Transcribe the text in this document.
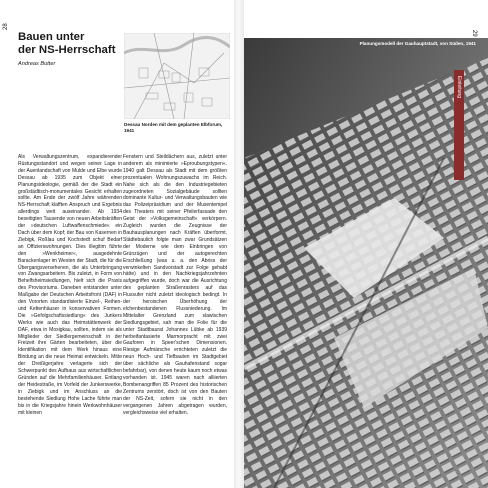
28
Bauen unter
der NS-Herrschaft
Andreas Butter
Dessau Norden mit dem geplanten Elbforum, 1941
Als Verwaltungszentrum, expandierender Rüstungsstandort und wegen seiner Lage in der Auenlandschaft von Mulde und Elbe wurde Dessau ab 1935 zum Objekt einer Planungsideologie, gemäß der die Stadt ein großstädtisch-monumentales Gesicht erhalten sollte. Am Ende der zwölf Jahre währenden NS-Herrschaft klafften Anspruch und Ergebnis allerdings weit auseinander. Ab 1934 beseitigten Tausende von neuen Arbeitskräften der »deutschen Luftwaffenschmiede« ein Dach über dem Kopf; der Bau von Kasernen in Ziebigk, Roßlau und Kochstedt schuf Bedarf an Offizierswohnungen. Dies illegitim führte den »Wenkheimer«, ausgedehnte Barackenlager im Westen der Stadt, die für die Übergangsversehenen, die als Unterbringung von Zwangsarbeitern. Bis zuletzt, in Form von Behelfsheimsiedlungen, hielt sich die Praxis des Provisoriums. Daneben entstanden unter Maßgabe der Deutschen Arbeitsfront (DAF) in den Vororten standardisierte Einzel-, Reihen- und Kettenhäuser in konservativen Formen. Die »Gefolgschaftssiedlung« des Junkers Werks wie auch das Heimstättenwerk der DAF, etwa in Mosigkau, sollten, indem sie als Mitglieder der Siedlergemeinschaft in der Freizeit ihre Gärten bearbeiteten, über die Identifikation mit dem Werk hinaus eine Bindung an die neue Heimat entwickeln. Mitte der Dreißigerjahre verlagerte sich der Schwerpunkt des Aufbaus aus wirtschaftlichen Gründen auf die Mehrfamilienhäuser. Entlang der Heidestraße, im Vorfeld der Junkerswerke, in Ziebigk und im Anschluss an die bestehende Siedlung Hohe Lache führte man bis in die Kriegsjahre hinein Werkwohnhäuser mit kleinen
Fenstern und Steildächern aus, zuletzt unter anderem als minimierte »Eproubungstypen«. 1940 galt Dessau als Stadt mit dem größten prozentualen Wohnungszuwachs im Reich. Nahe sich als die den Industriegebieten zugeordneten Sozialgebäude sollten dominante Kultur- und Verwaltungsbauten wie das Polizeipräsidium und der Musentempel des Theaters mit seiner Pfeilerfassade den Geist der »Volksgemeinschaft« verkörpern. Zugleich wurden die Zeugnisse der Bauhausplanungen nach Kräften überformt. Städtebaulich folgte man zwar Grundsätzen der Moderne wie dem Einbringen von Grünzügen und der autogerechten Erschließung (was u. a. den Abriss der verwinkelten Sandvorstadt zur Folge gehabt hätte) und in den Nachkriegsjahrzehnten aufgegriffen wurde, doch war die Ausrichtung des geplanten Straßenrasters auf das Flussufer nicht zuletzt ideologisch bedingt. In der heroischen Überhöhung der elchenbestandenen Flussniederung. Im Mittelalter Grenzland zum slawischen Siedlungsgebiet, sah man die Folie für die unter Stadtbaurat Johannes Lübke ab 1939 herbeifantasierte Marmorpracht mit zwei Gauforen in Speer'schen Dimensionen. Riesige Aufmärsche errichteten zuletzt die neun Hoch- und Tiefbauten im Stadtgebiet über sächliche als Gauhafenstand sogar befahrbar), von denen heute kaum noch etwas vorhanden ist. 1945 waren nach alliierten Bombenangriffen 85 Prozent des historischen Zentrums zerstört, doch ist von den Bauten der NS-Zeit, sofern sie nicht in den vergangenen Jahren abgetragen wurden, vergleichsweise viel erhalten.
29
Planungsmodell der Gauhauptstadt, von Süden, 1941
Einleitung
